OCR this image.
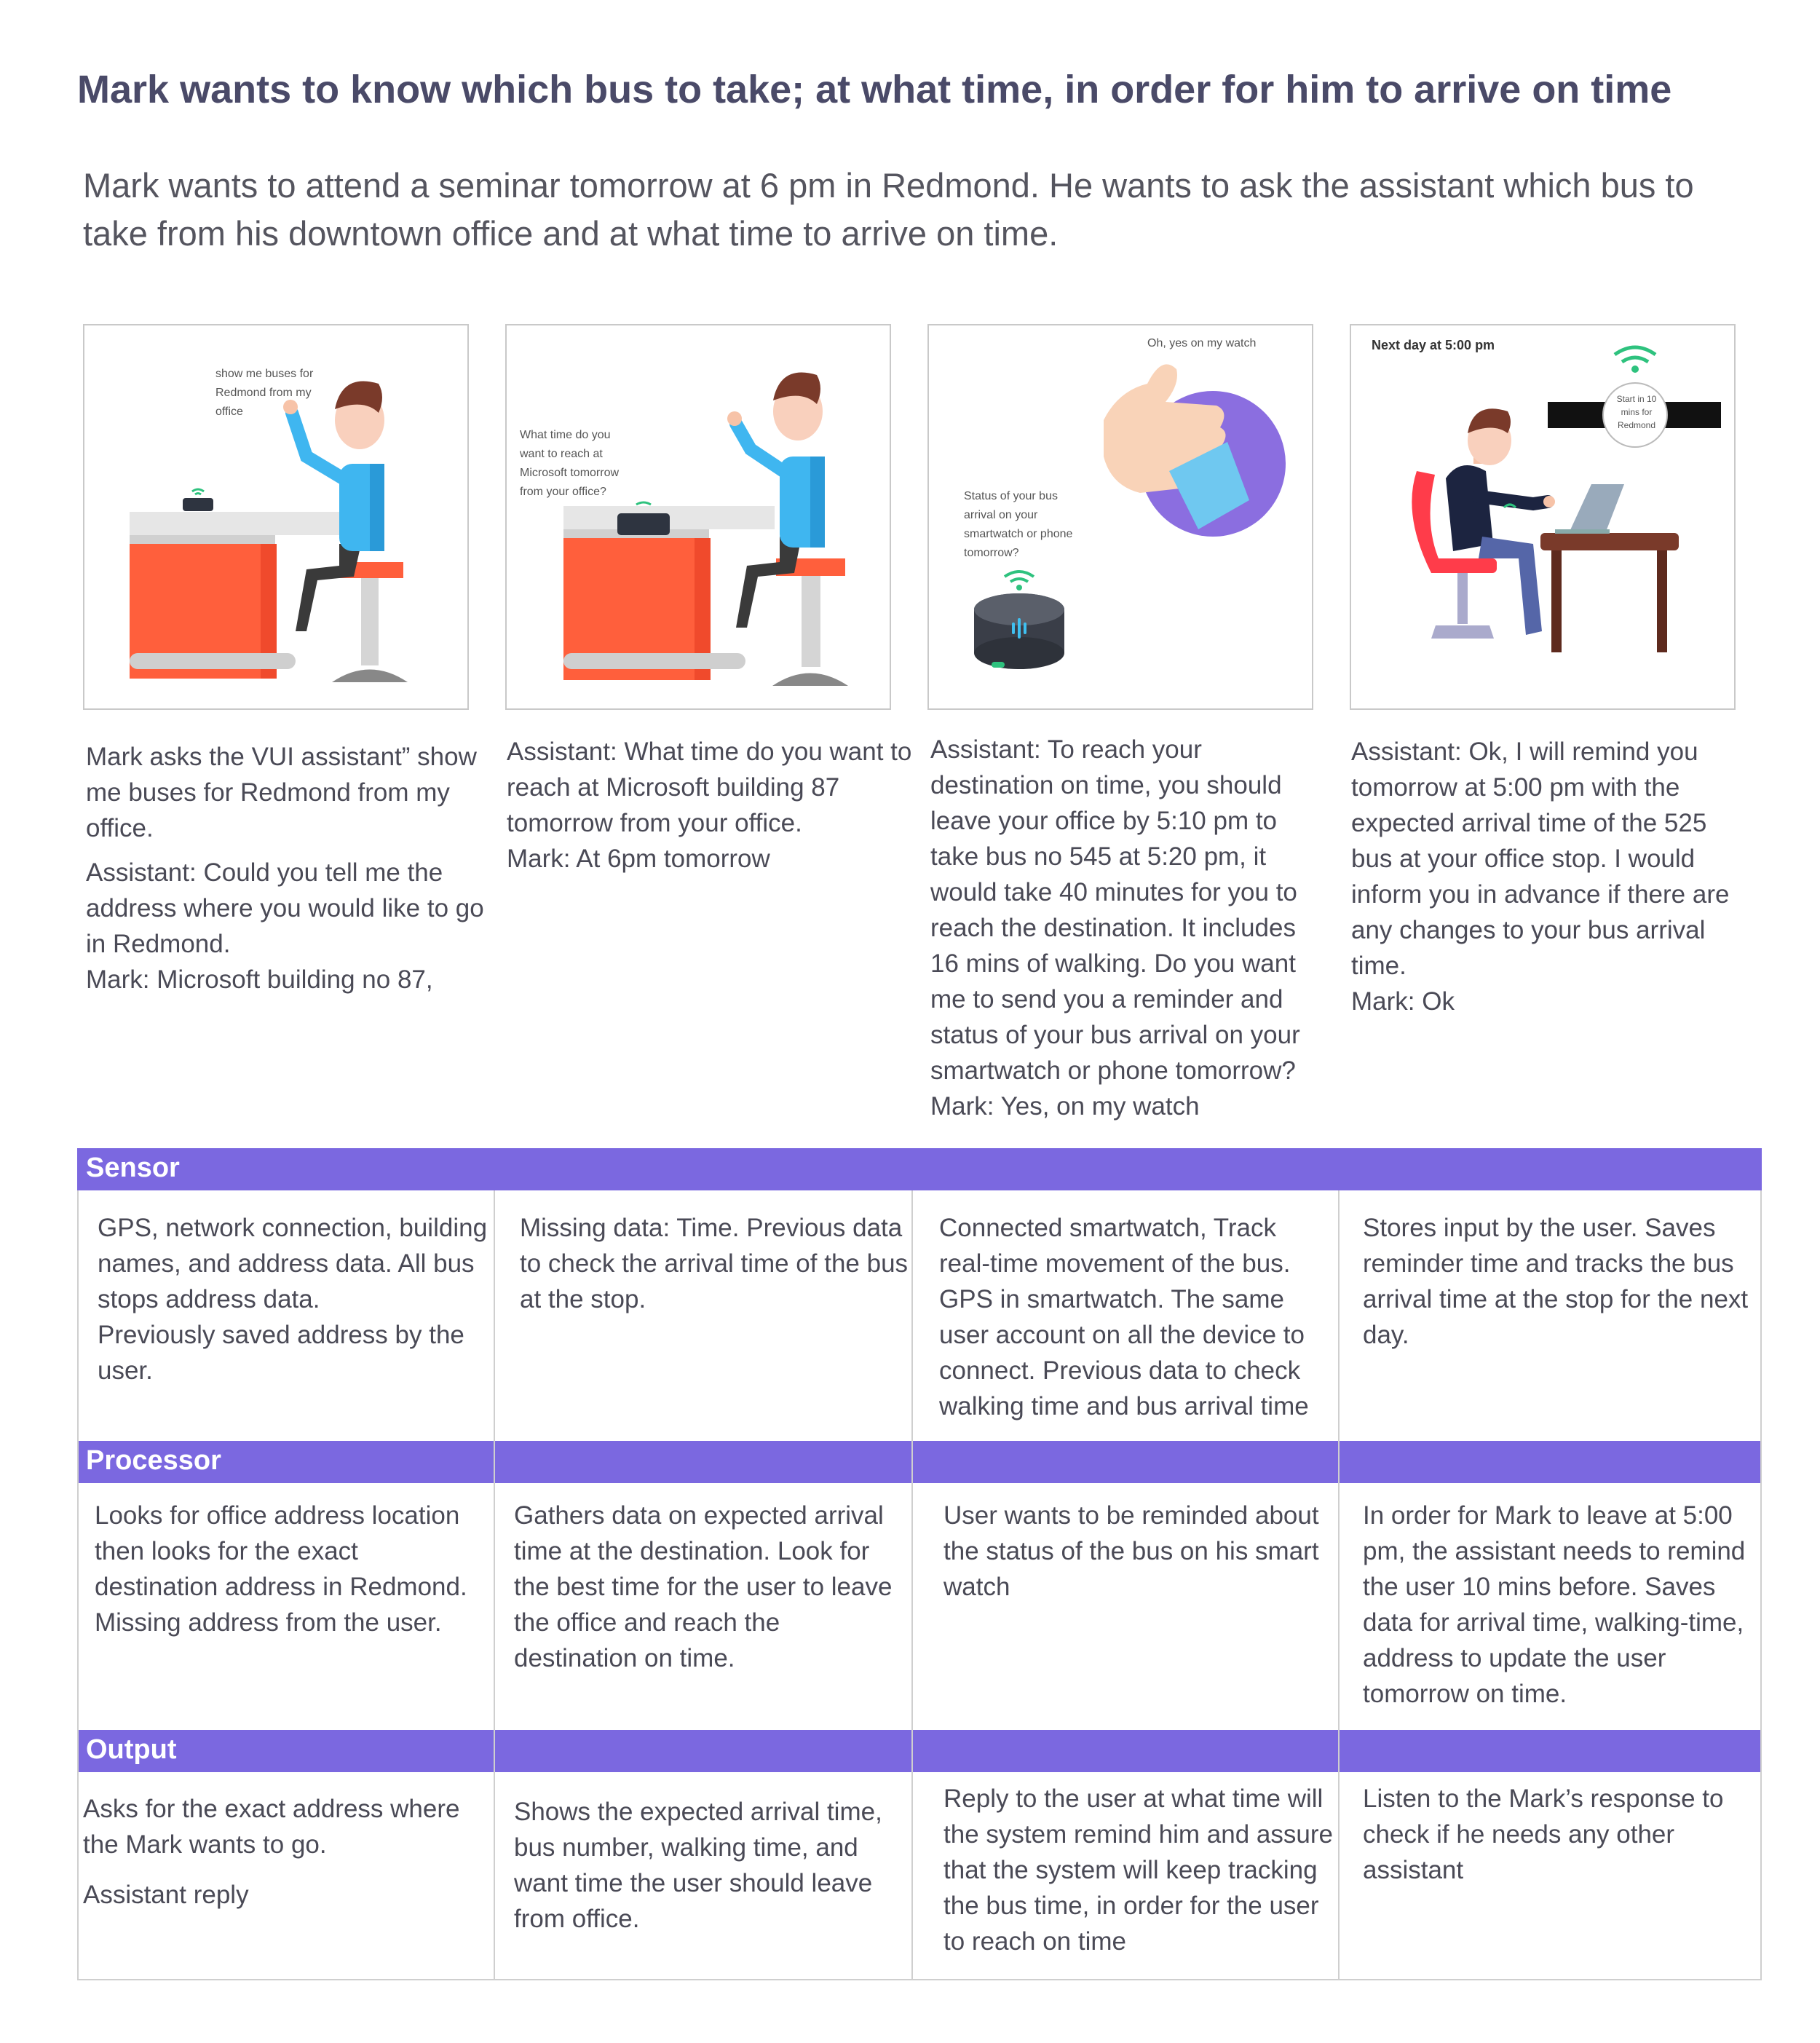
Mark wants to know which bus to take; at what time, in order for him to arrive on time

Mark wants to attend a seminar tomorrow at 6 pm in Redmond. He wants to ask the assistant which bus to take from his downtown office and at what time to arrive on time.

show me buses for
Redmond from my
office
What time do you
want to reach at
Microsoft tomorrow
from your office?
Oh, yes on my watch
Status of your bus
arrival on your
smartwatch or phone
tomorrow?
Next day at 5:00 pm
Start in 10
mins for
Redmond

Mark asks the VUI assistant” show me buses for Redmond from my office.

Assistant: Could you tell me the address where you would like to go in Redmond.

Mark: Microsoft building no 87,

Assistant: What time do you want to reach at Microsoft building 87 tomorrow from your office.

Mark: At 6pm tomorrow

Assistant: To reach your destination on time, you should leave your office by 5:10 pm to take bus no 545 at 5:20 pm, it would take 40 minutes for you to reach the destination. It includes 16 mins of walking. Do you want me to send you a reminder and status of your bus arrival on your smartwatch or phone tomorrow?

Mark: Yes, on my watch

Assistant: Ok, I will remind you tomorrow at 5:00 pm with the expected arrival time of the 525 bus at your office stop. I would inform you in advance if there are any changes to your bus arrival time.

Mark: Ok

Sensor
Processor
Output

GPS, network connection, building names, and address data. All bus stops address data.

Previously saved address by the user.

Missing data: Time. Previous data to check the arrival time of the bus at the stop.
Connected smartwatch, Track real-time movement of the bus. GPS in smartwatch. The same user account on all the device to connect. Previous data to check walking time and bus arrival time
Stores input by the user. Saves reminder time and tracks the bus arrival time at the stop for the next day.
Looks for office address location then looks for the exact destination address in Redmond. Missing address from the user.
Gathers data on expected arrival time at the destination. Look for the best time for the user to leave the office and reach the destination on time.
User wants to be reminded about the status of the bus on his smart watch
In order for Mark to leave at 5:00 pm, the assistant needs to remind the user 10 mins before. Saves data for arrival time, walking-time, address to update the user tomorrow on time.

Asks for the exact address where the Mark wants to go.

Assistant reply

Shows the expected arrival time, bus number, walking time, and want time the user should leave from office.
Reply to the user at what time will the system remind him and assure that the system will keep tracking the bus time, in order for the user to reach on time
Listen to the Mark’s response to check if he needs any other assistant
